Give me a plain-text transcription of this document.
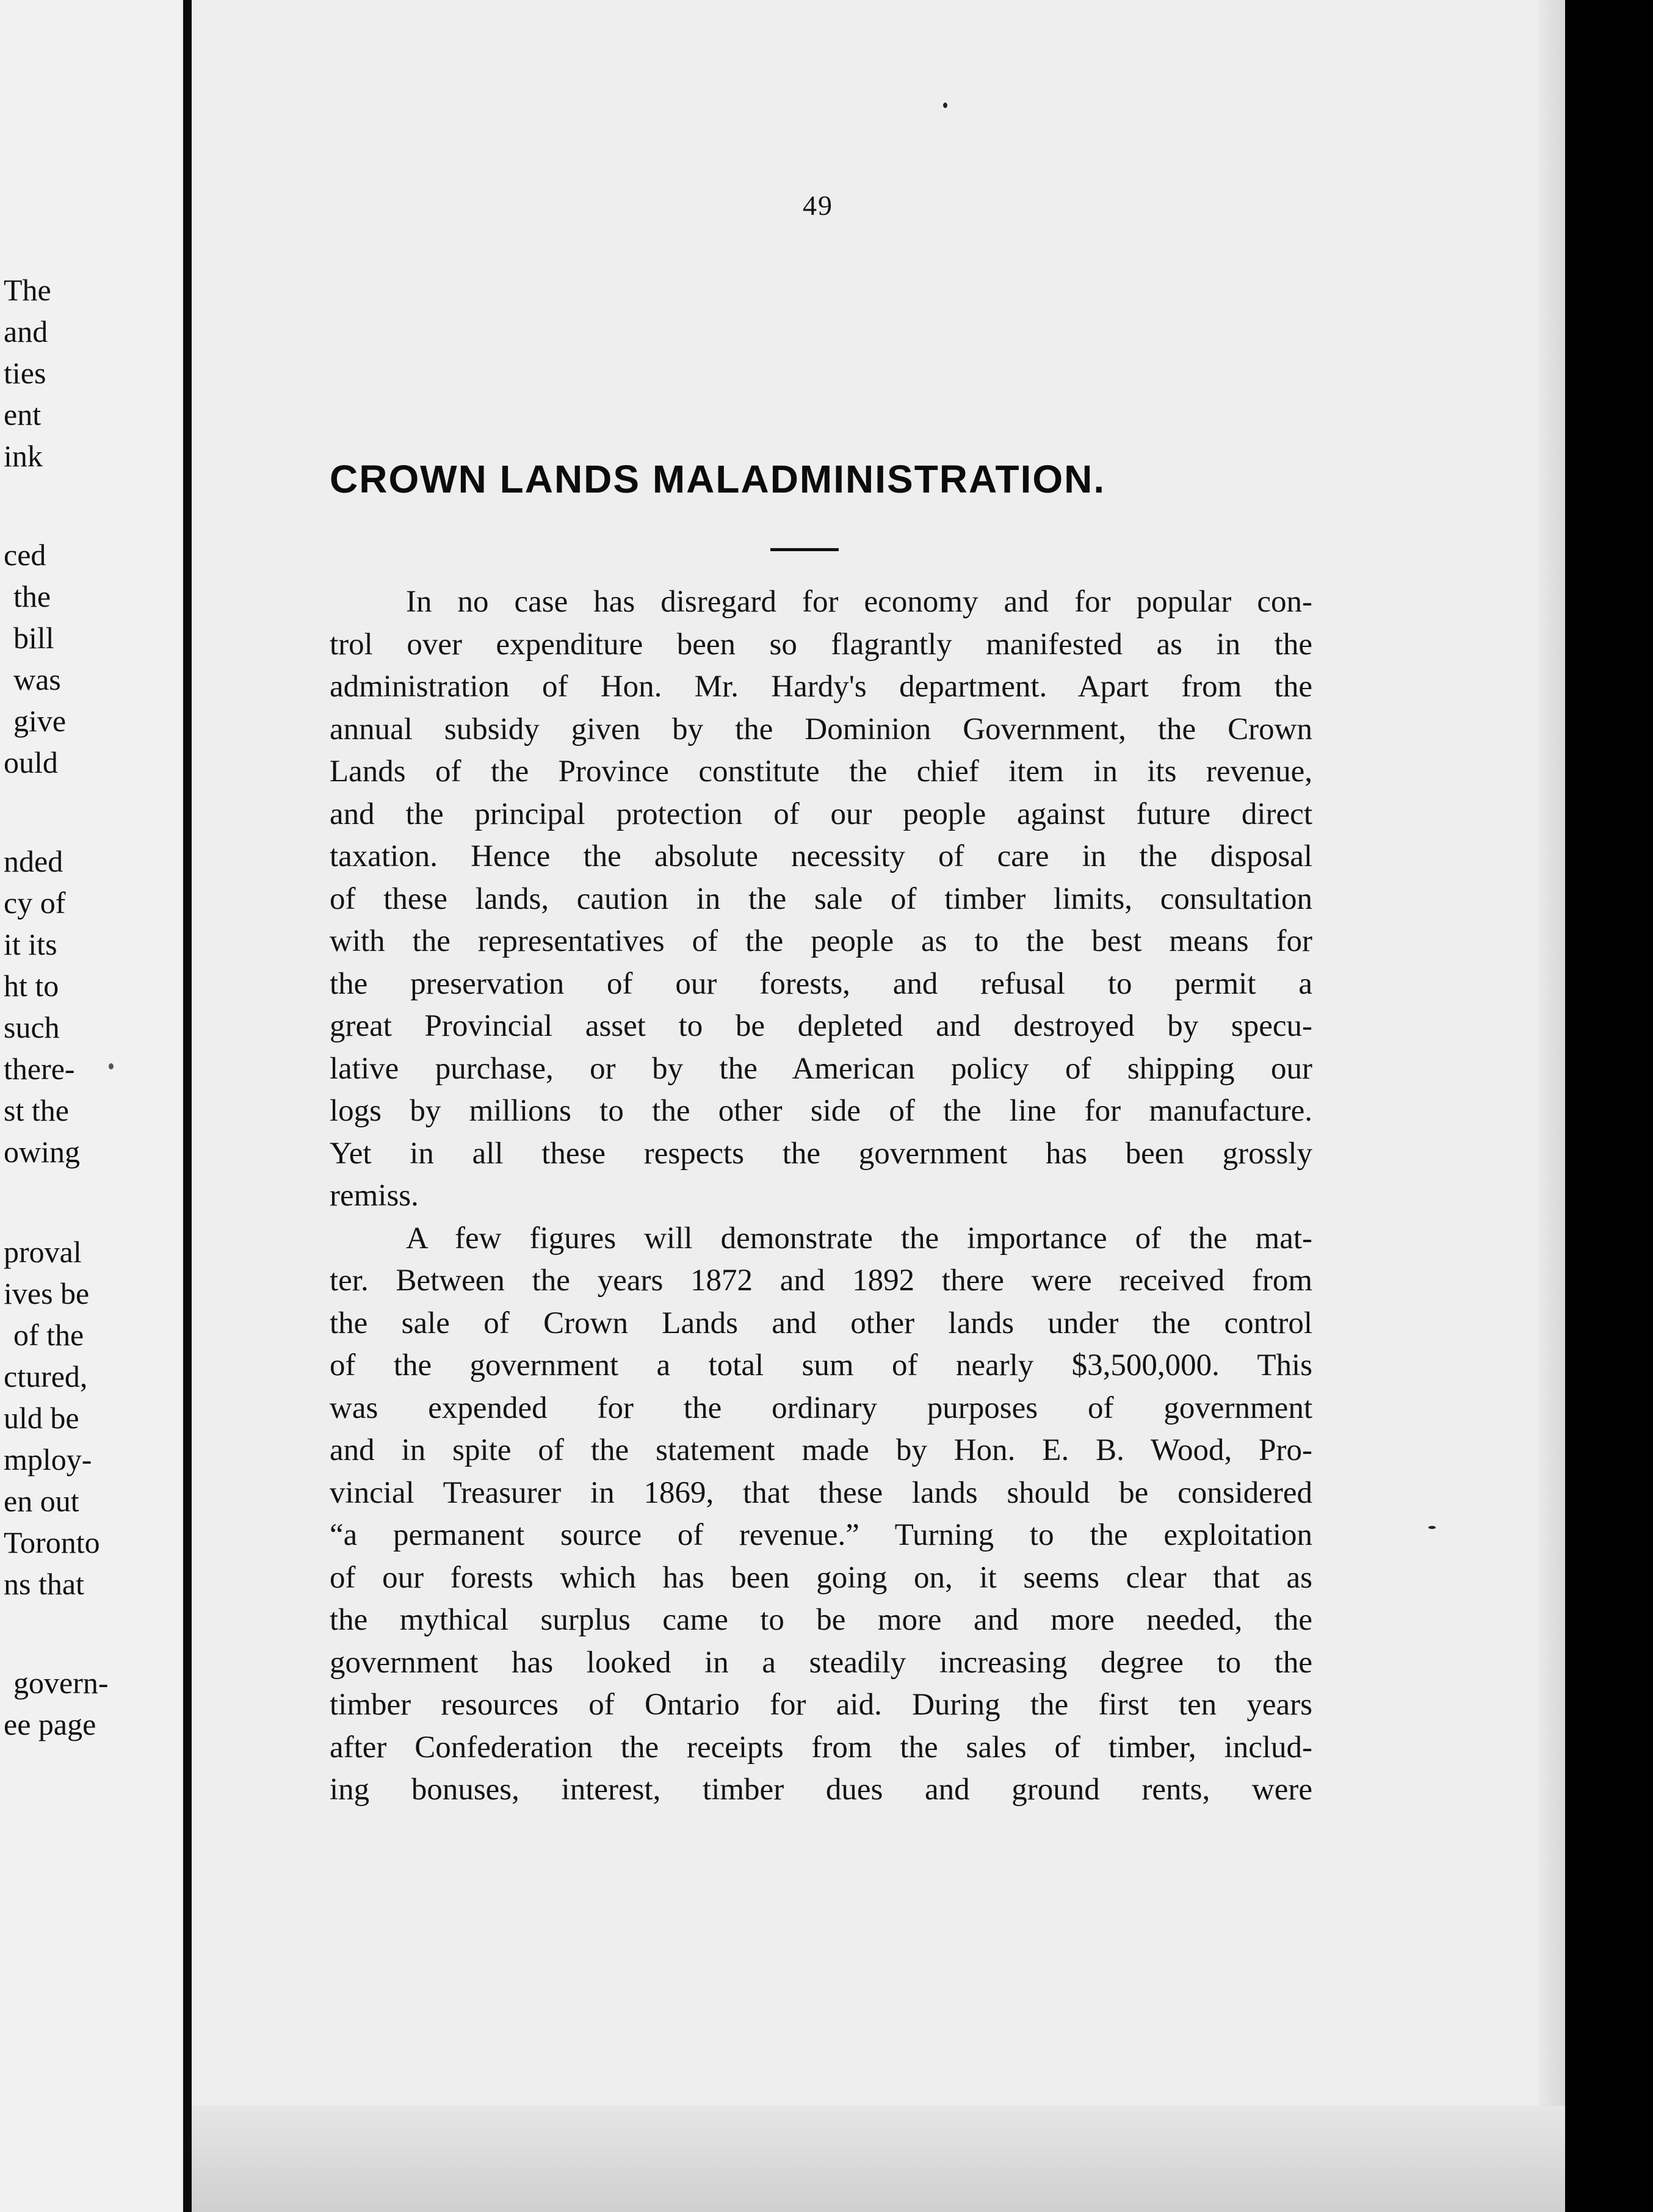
The
and
ties
ent
ink
ced
the
bill
was
give
ould
nded
cy of
it its
ht to
such
there-
st the
owing
proval
ives be
of the
ctured,
uld be
mploy-
en out
Toronto
ns that
govern-
ee page
49
CROWN LANDS MALADMINISTRATION.

In no case has disregard for economy and for popular con-
trol over expenditure been so flagrantly manifested as in the
administration of Hon. Mr. Hardy's department. Apart from the
annual subsidy given by the Dominion Government, the Crown
Lands of the Province constitute the chief item in its revenue,
and the principal protection of our people against future direct
taxation. Hence the absolute necessity of care in the disposal
of these lands, caution in the sale of timber limits, consultation
with the representatives of the people as to the best means for
the preservation of our forests, and refusal to permit a
great Provincial asset to be depleted and destroyed by specu-
lative purchase, or by the American policy of shipping our
logs by millions to the other side of the line for manufacture.
Yet in all these respects the government has been grossly
remiss.

A few figures will demonstrate the importance of the mat-
ter. Between the years 1872 and 1892 there were received from
the sale of Crown Lands and other lands under the control
of the government a total sum of nearly $3,500,000. This
was expended for the ordinary purposes of government
and in spite of the statement made by Hon. E. B. Wood, Pro-
vincial Treasurer in 1869, that these lands should be considered
“a permanent source of revenue.” Turning to the exploitation
of our forests which has been going on, it seems clear that as
the mythical surplus came to be more and more needed, the
government has looked in a steadily increasing degree to the
timber resources of Ontario for aid. During the first ten years
after Confederation the receipts from the sales of timber, includ-
ing bonuses, interest, timber dues and ground rents, were
